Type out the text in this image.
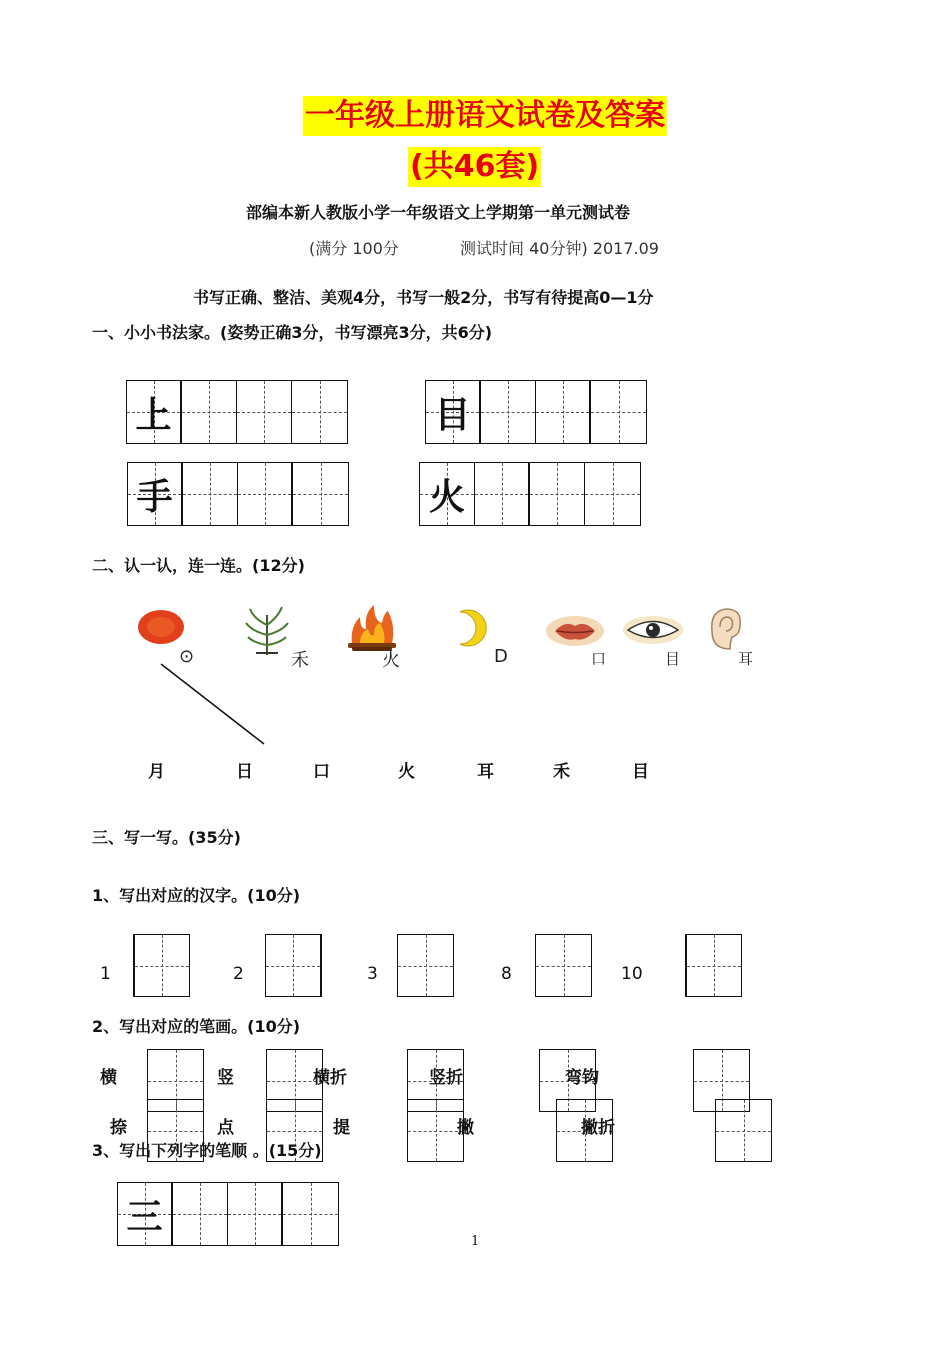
一年级上册语文试卷及答案
(共46套)
部编本新人教版小学一年级语文上学期第一单元测试卷
(满分 100分	测试时间 40分钟) 2017.09
书写正确、整洁、美观4分，书写一般2分，书写有待提高0—1分
一、小小书法家。(姿势正确3分，书写漂亮3分，共6分)
上	目
手	火
二、认一认，连一连。(12分)
⊙	禾	火	D	口	目	耳
月	日	口	火	耳	禾	目
三、写一写。(35分)
1、写出对应的汉字。(10分)
1	2	3	8	10
2、写出对应的笔画。(10分)
横	竖	横折	竖折	弯钩
捺	点	提	撇	撇折
3、写出下列字的笔顺 。(15分)
三
1
